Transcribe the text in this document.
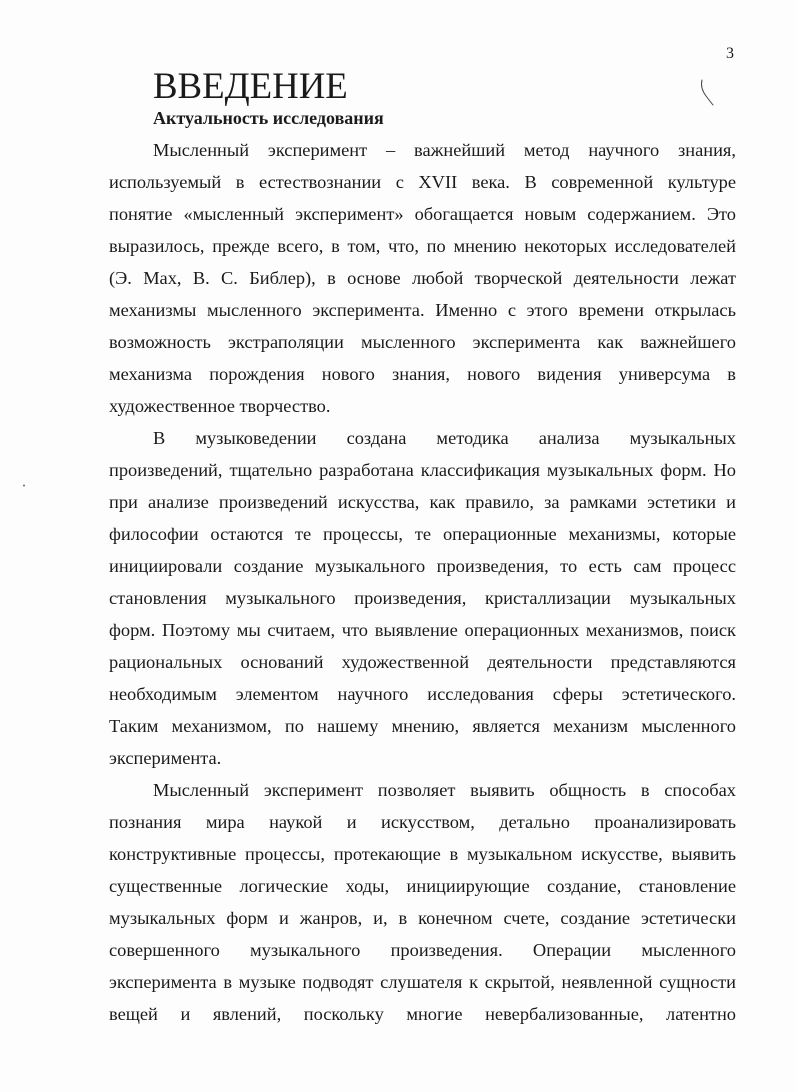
3
ВВЕДЕНИЕ
Актуальность исследования

Мысленный эксперимент – важнейший метод научного знания,
используемый в естествознании с XVII века. В современной культуре
понятие «мысленный эксперимент» обогащается новым содержанием. Это
выразилось, прежде всего, в том, что, по мнению некоторых исследователей
(Э. Мах, В. С. Библер), в основе любой творческой деятельности лежат
механизмы мысленного эксперимента. Именно с этого времени открылась
возможность экстраполяции мысленного эксперимента как важнейшего
механизма порождения нового знания, нового видения универсума в
художественное творчество.

В музыковедении создана методика анализа музыкальных
произведений, тщательно разработана классификация музыкальных форм. Но
при анализе произведений искусства, как правило, за рамками эстетики и
философии остаются те процессы, те операционные механизмы, которые
инициировали создание музыкального произведения, то есть сам процесс
становления музыкального произведения, кристаллизации музыкальных
форм. Поэтому мы считаем, что выявление операционных механизмов, поиск
рациональных оснований художественной деятельности представляются
необходимым элементом научного исследования сферы эстетического.
Таким механизмом, по нашему мнению, является механизм мысленного
эксперимента.

Мысленный эксперимент позволяет выявить общность в способах
познания мира наукой и искусством, детально проанализировать
конструктивные процессы, протекающие в музыкальном искусстве, выявить
существенные логические ходы, инициирующие создание, становление
музыкальных форм и жанров, и, в конечном счете, создание эстетически
совершенного музыкального произведения. Операции мысленного
эксперимента в музыке подводят слушателя к скрытой, неявленной сущности
вещей и явлений, поскольку многие невербализованные, латентно
